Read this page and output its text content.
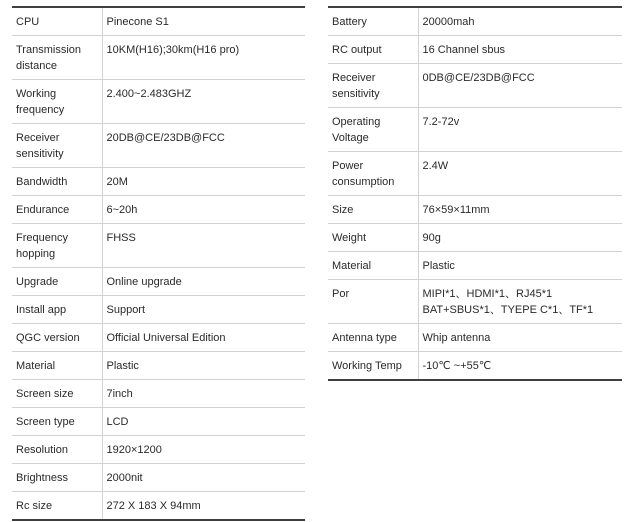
CPU	Pinecone S1
Transmission distance	10KM(H16);30km(H16 pro)
Working frequency	2.400~2.483GHZ
Receiver sensitivity	20DB@CE/23DB@FCC
Bandwidth	20M
Endurance	6~20h
Frequency hopping	FHSS
Upgrade	Online upgrade
Install app	Support
QGC version	Official Universal Edition
Material	Plastic
Screen size	7inch
Screen type	LCD
Resolution	1920×1200
Brightness	2000nit
Rc size	272 X 183 X 94mm
Battery	20000mah
RC output	16 Channel sbus
Receiver sensitivity	0DB@CE/23DB@FCC
Operating Voltage	7.2-72v
Power consumption	2.4W
Size	76×59×11mm
Weight	90g
Material	Plastic
Por	MIPI*1、HDMI*1、RJ45*1
BAT+SBUS*1、TYEPE C*1、TF*1

Antenna type	Whip antenna
Working Temp	-10℃ ~+55℃
